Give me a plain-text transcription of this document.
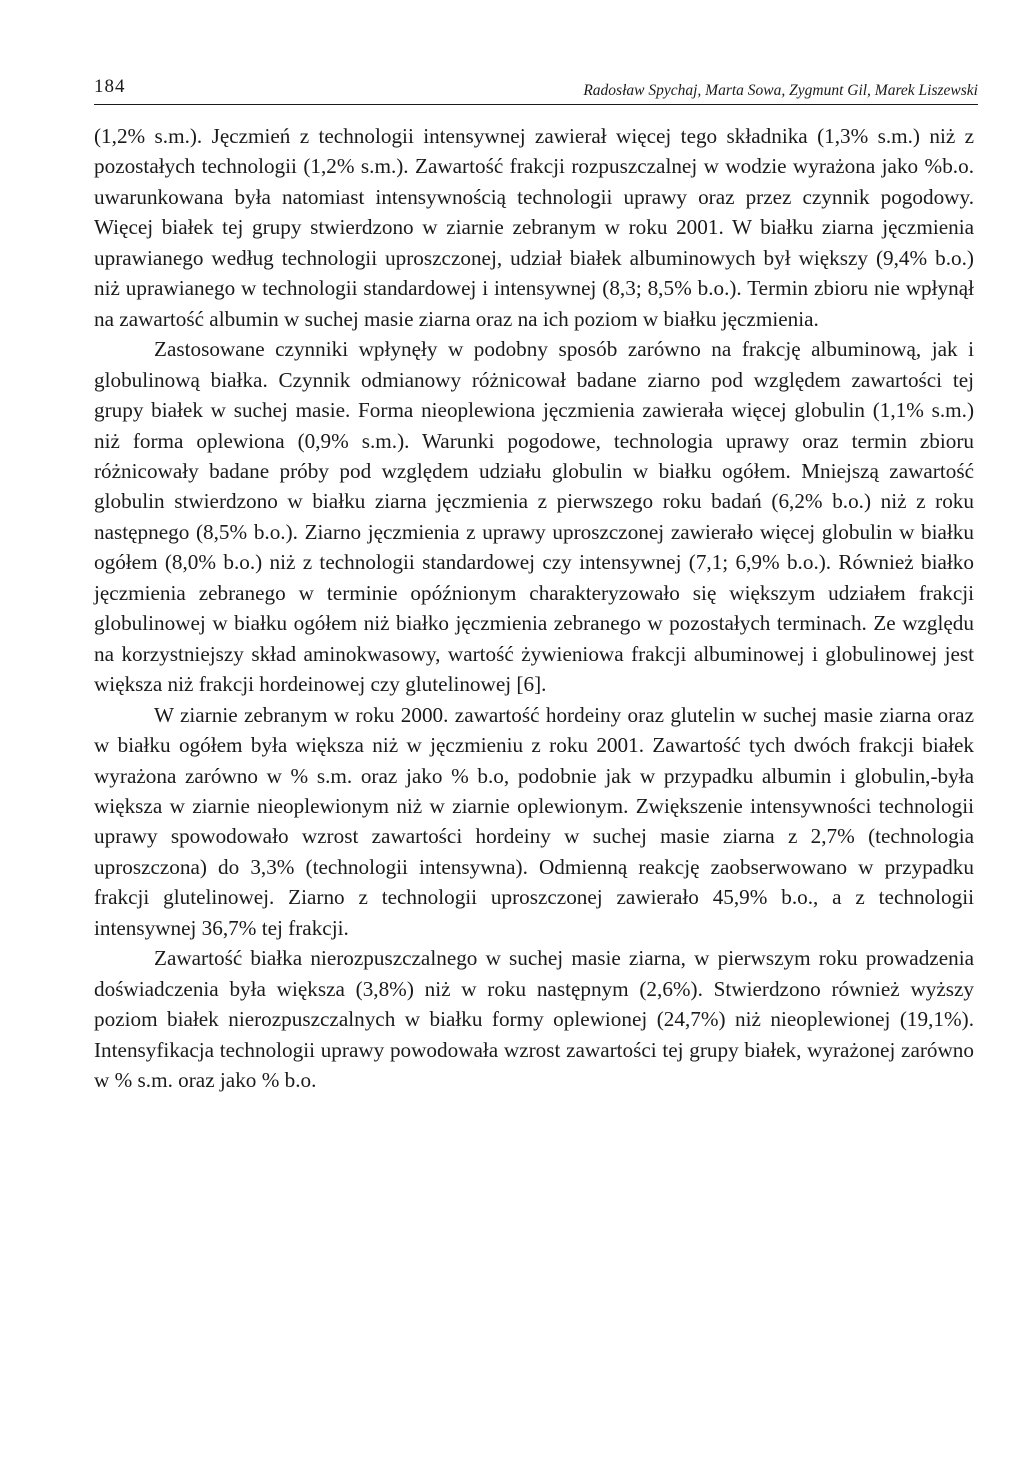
184	Radosław Spychaj, Marta Sowa, Zygmunt Gil, Marek Liszewski

(1,2% s.m.). Jęczmień z technologii intensywnej zawierał więcej tego składnika (1,3% s.m.) niż z pozostałych technologii (1,2% s.m.). Zawartość frakcji rozpuszczalnej w wodzie wyrażona jako %b.o. uwarunkowana była natomiast intensywnością technologii uprawy oraz przez czynnik pogodowy. Więcej białek tej grupy stwierdzono w ziarnie zebranym w roku 2001. W białku ziarna jęczmienia uprawianego według technologii uproszczonej, udział białek albuminowych był większy (9,4% b.o.) niż uprawianego w technologii standardowej i intensywnej (8,3; 8,5% b.o.). Termin zbioru nie wpłynął na zawartość albumin w suchej masie ziarna oraz na ich poziom w białku jęczmienia.

Zastosowane czynniki wpłynęły w podobny sposób zarówno na frakcję albuminową, jak i globulinową białka. Czynnik odmianowy różnicował badane ziarno pod względem zawartości tej grupy białek w suchej masie. Forma nieoplewiona jęczmienia zawierała więcej globulin (1,1% s.m.) niż forma oplewiona (0,9% s.m.). Warunki pogodowe, technologia uprawy oraz termin zbioru różnicowały badane próby pod względem udziału globulin w białku ogółem. Mniejszą zawartość globulin stwierdzono w białku ziarna jęczmienia z pierwszego roku badań (6,2% b.o.) niż z roku następnego (8,5% b.o.). Ziarno jęczmienia z uprawy uproszczonej zawierało więcej globulin w białku ogółem (8,0% b.o.) niż z technologii standardowej czy intensywnej (7,1; 6,9% b.o.). Również białko jęczmienia zebranego w terminie opóźnionym charakteryzowało się większym udziałem frakcji globulinowej w białku ogółem niż białko jęczmienia zebranego w pozostałych terminach. Ze względu na korzystniejszy skład aminokwasowy, wartość żywieniowa frakcji albuminowej i globulinowej jest większa niż frakcji hordeinowej czy glutelinowej [6].

W ziarnie zebranym w roku 2000. zawartość hordeiny oraz glutelin w suchej masie ziarna oraz w białku ogółem była większa niż w jęczmieniu z roku 2001. Zawartość tych dwóch frakcji białek wyrażona zarówno w % s.m. oraz jako % b.o, podobnie jak w przypadku albumin i globulin,-była większa w ziarnie nieoplewionym niż w ziarnie oplewionym. Zwiększenie intensywności technologii uprawy spowodowało wzrost zawartości hordeiny w suchej masie ziarna z 2,7% (technologia uproszczona) do 3,3% (technologii intensywna). Odmienną reakcję zaobserwowano w przypadku frakcji glutelinowej. Ziarno z technologii uproszczonej zawierało 45,9% b.o., a z technologii intensywnej 36,7% tej frakcji.

Zawartość białka nierozpuszczalnego w suchej masie ziarna, w pierwszym roku prowadzenia doświadczenia była większa (3,8%) niż w roku następnym (2,6%). Stwierdzono również wyższy poziom białek nierozpuszczalnych w białku formy oplewionej (24,7%) niż nieoplewionej (19,1%). Intensyfikacja technologii uprawy powodowała wzrost zawartości tej grupy białek, wyrażonej zarówno w % s.m. oraz jako % b.o.
